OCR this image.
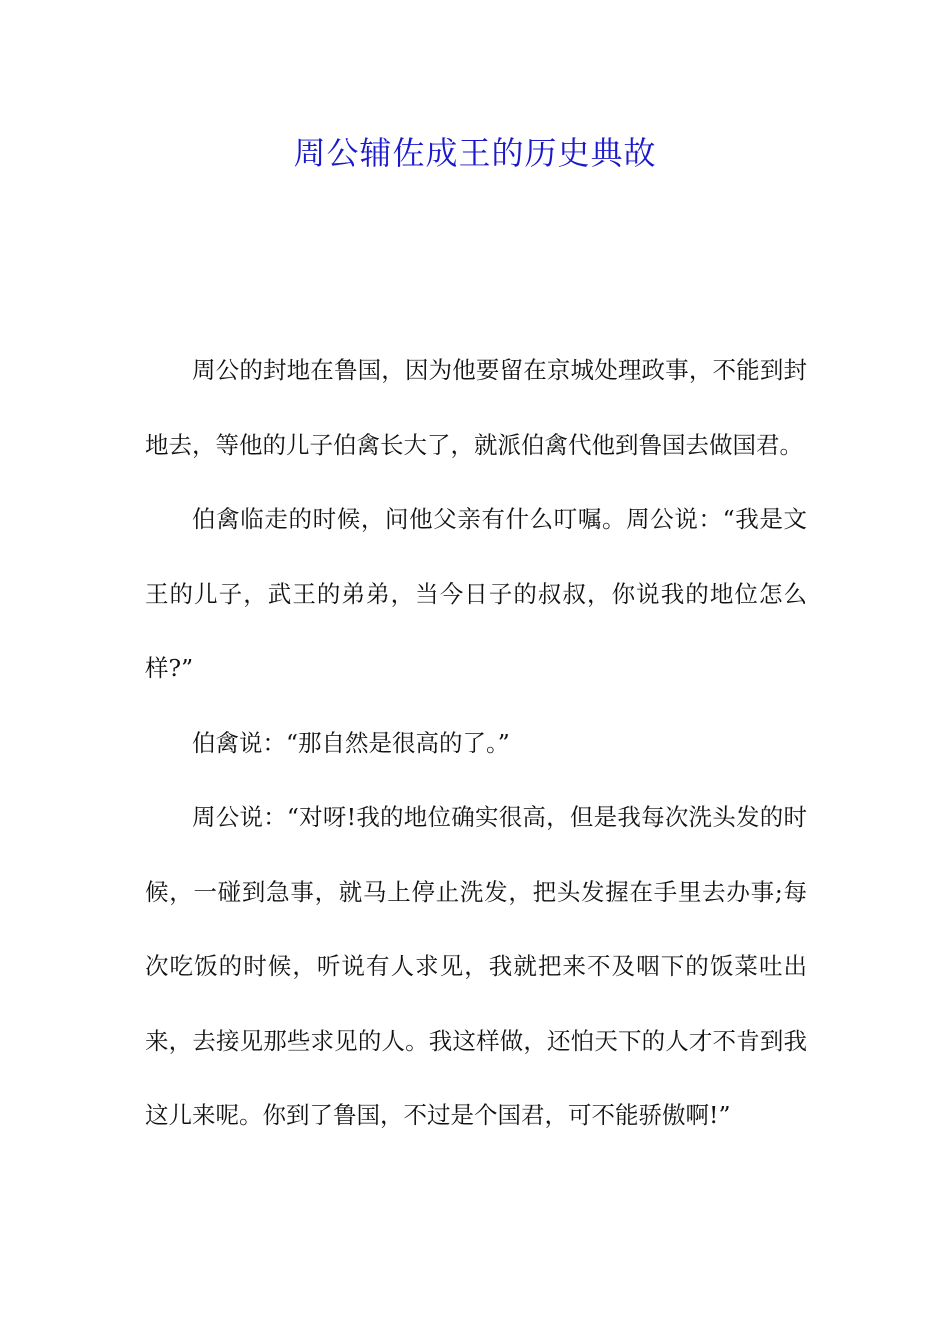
周公辅佐成王的历史典故

周公的封地在鲁国，因为他要留在京城处理政事，不能到封地去，等他的儿子伯禽长大了，就派伯禽代他到鲁国去做国君。

伯禽临走的时候，问他父亲有什么叮嘱。周公说：“我是文王的儿子，武王的弟弟，当今日子的叔叔，你说我的地位怎么样?”

伯禽说：“那自然是很高的了。”

周公说：“对呀!我的地位确实很高，但是我每次洗头发的时候，一碰到急事，就马上停止洗发，把头发握在手里去办事;每次吃饭的时候，听说有人求见，我就把来不及咽下的饭菜吐出来，去接见那些求见的人。我这样做，还怕天下的人才不肯到我这儿来呢。你到了鲁国，不过是个国君，可不能骄傲啊!”
